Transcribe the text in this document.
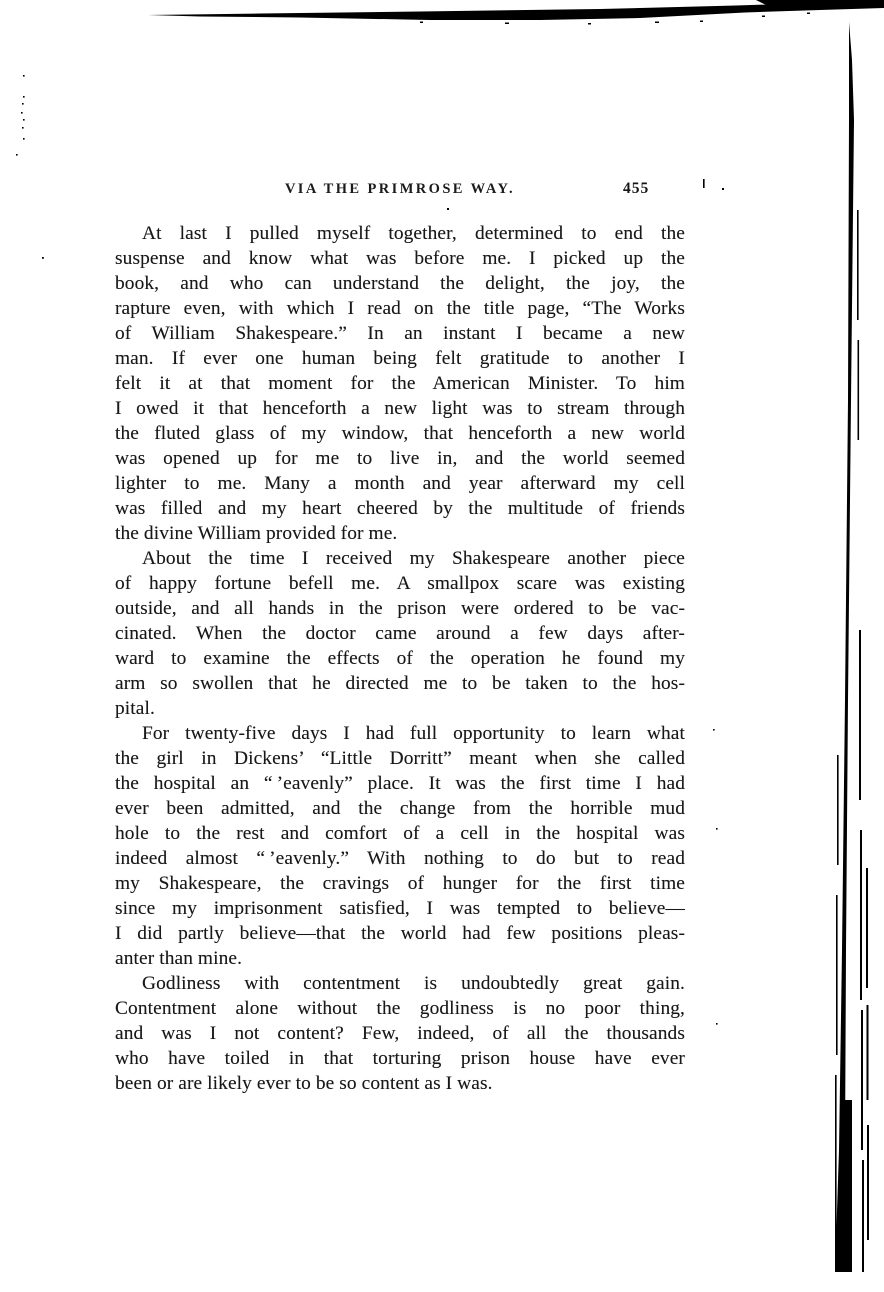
VIA THE PRIMROSE WAY.	455
At last I pulled myself together, determined to end the
suspense and know what was before me. I picked up the
book, and who can understand the delight, the joy, the
rapture even, with which I read on the title page, “The Works
of William Shakespeare.” In an instant I became a new
man. If ever one human being felt gratitude to another I
felt it at that moment for the American Minister. To him
I owed it that henceforth a new light was to stream through
the fluted glass of my window, that henceforth a new world
was opened up for me to live in, and the world seemed
lighter to me. Many a month and year afterward my cell
was filled and my heart cheered by the multitude of friends
the divine William provided for me.
About the time I received my Shakespeare another piece
of happy fortune befell me. A smallpox scare was existing
outside, and all hands in the prison were ordered to be vac-
cinated. When the doctor came around a few days after-
ward to examine the effects of the operation he found my
arm so swollen that he directed me to be taken to the hos-
pital.
For twenty-five days I had full opportunity to learn what
the girl in Dickens’ “Little Dorritt” meant when she called
the hospital an “ ’eavenly” place. It was the first time I had
ever been admitted, and the change from the horrible mud
hole to the rest and comfort of a cell in the hospital was
indeed almost “ ’eavenly.” With nothing to do but to read
my Shakespeare, the cravings of hunger for the first time
since my imprisonment satisfied, I was tempted to believe—
I did partly believe—that the world had few positions pleas-
anter than mine.
Godliness with contentment is undoubtedly great gain.
Contentment alone without the godliness is no poor thing,
and was I not content? Few, indeed, of all the thousands
who have toiled in that torturing prison house have ever
been or are likely ever to be so content as I was.
